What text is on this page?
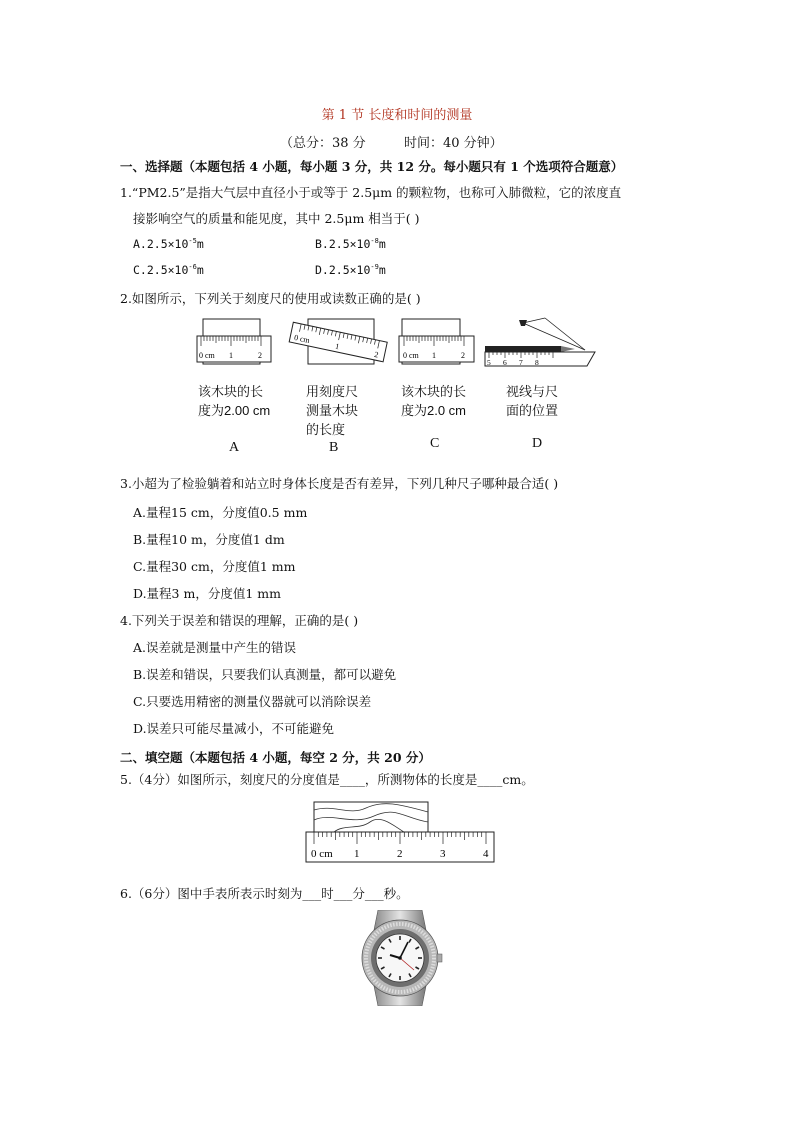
第 1 节 长度和时间的测量
（总分：38 分	时间：40 分钟）
一、选择题（本题包括 4 小题，每小题 3 分，共 12 分。每小题只有 1 个选项符合题意）
1.“PM2.5”是指大气层中直径小于或等于 2.5μm 的颗粒物，也称可入肺微粒，它的浓度直
接影响空气的质量和能见度，其中 2.5μm 相当于( )
$A.2.5\times 10^{-5}m$	$B.2.5\times 10^{-8}m$
$C.2.5\times 10^{-6}m$	$D.2.5\times 10^{-9}m$
2.如图所示，下列关于刻度尺的使用或读数正确的是( )
0 cm 1	2
0 cm
1
2	0 cm 1	2
5 6 7 8
该木块的长
度为2.00 cm
用刻度尺
测量木块
的长度
该木块的长
度为2.0 cm
视线与尺
面的位置
A	B	C	D
3.小超为了检验躺着和站立时身体长度是否有差异，下列几种尺子哪种最合适( )
A.量程15 cm，分度值0.5 mm
B.量程10 m，分度值1 dm
C.量程30 cm，分度值1 mm
D.量程3 m，分度值1 mm
4.下列关于误差和错误的理解，正确的是( )
A.误差就是测量中产生的错误
B.误差和错误，只要我们认真测量，都可以避免
C.只要选用精密的测量仪器就可以消除误差
D.误差只可能尽量减小，不可能避免
二、填空题（本题包括 4 小题，每空 2 分，共 20 分）
5.（4分）如图所示，刻度尺的分度值是____，所测物体的长度是____cm。
0 cm 1	2	3	4
6.（6分）图中手表所表示时刻为___时___分___秒。
